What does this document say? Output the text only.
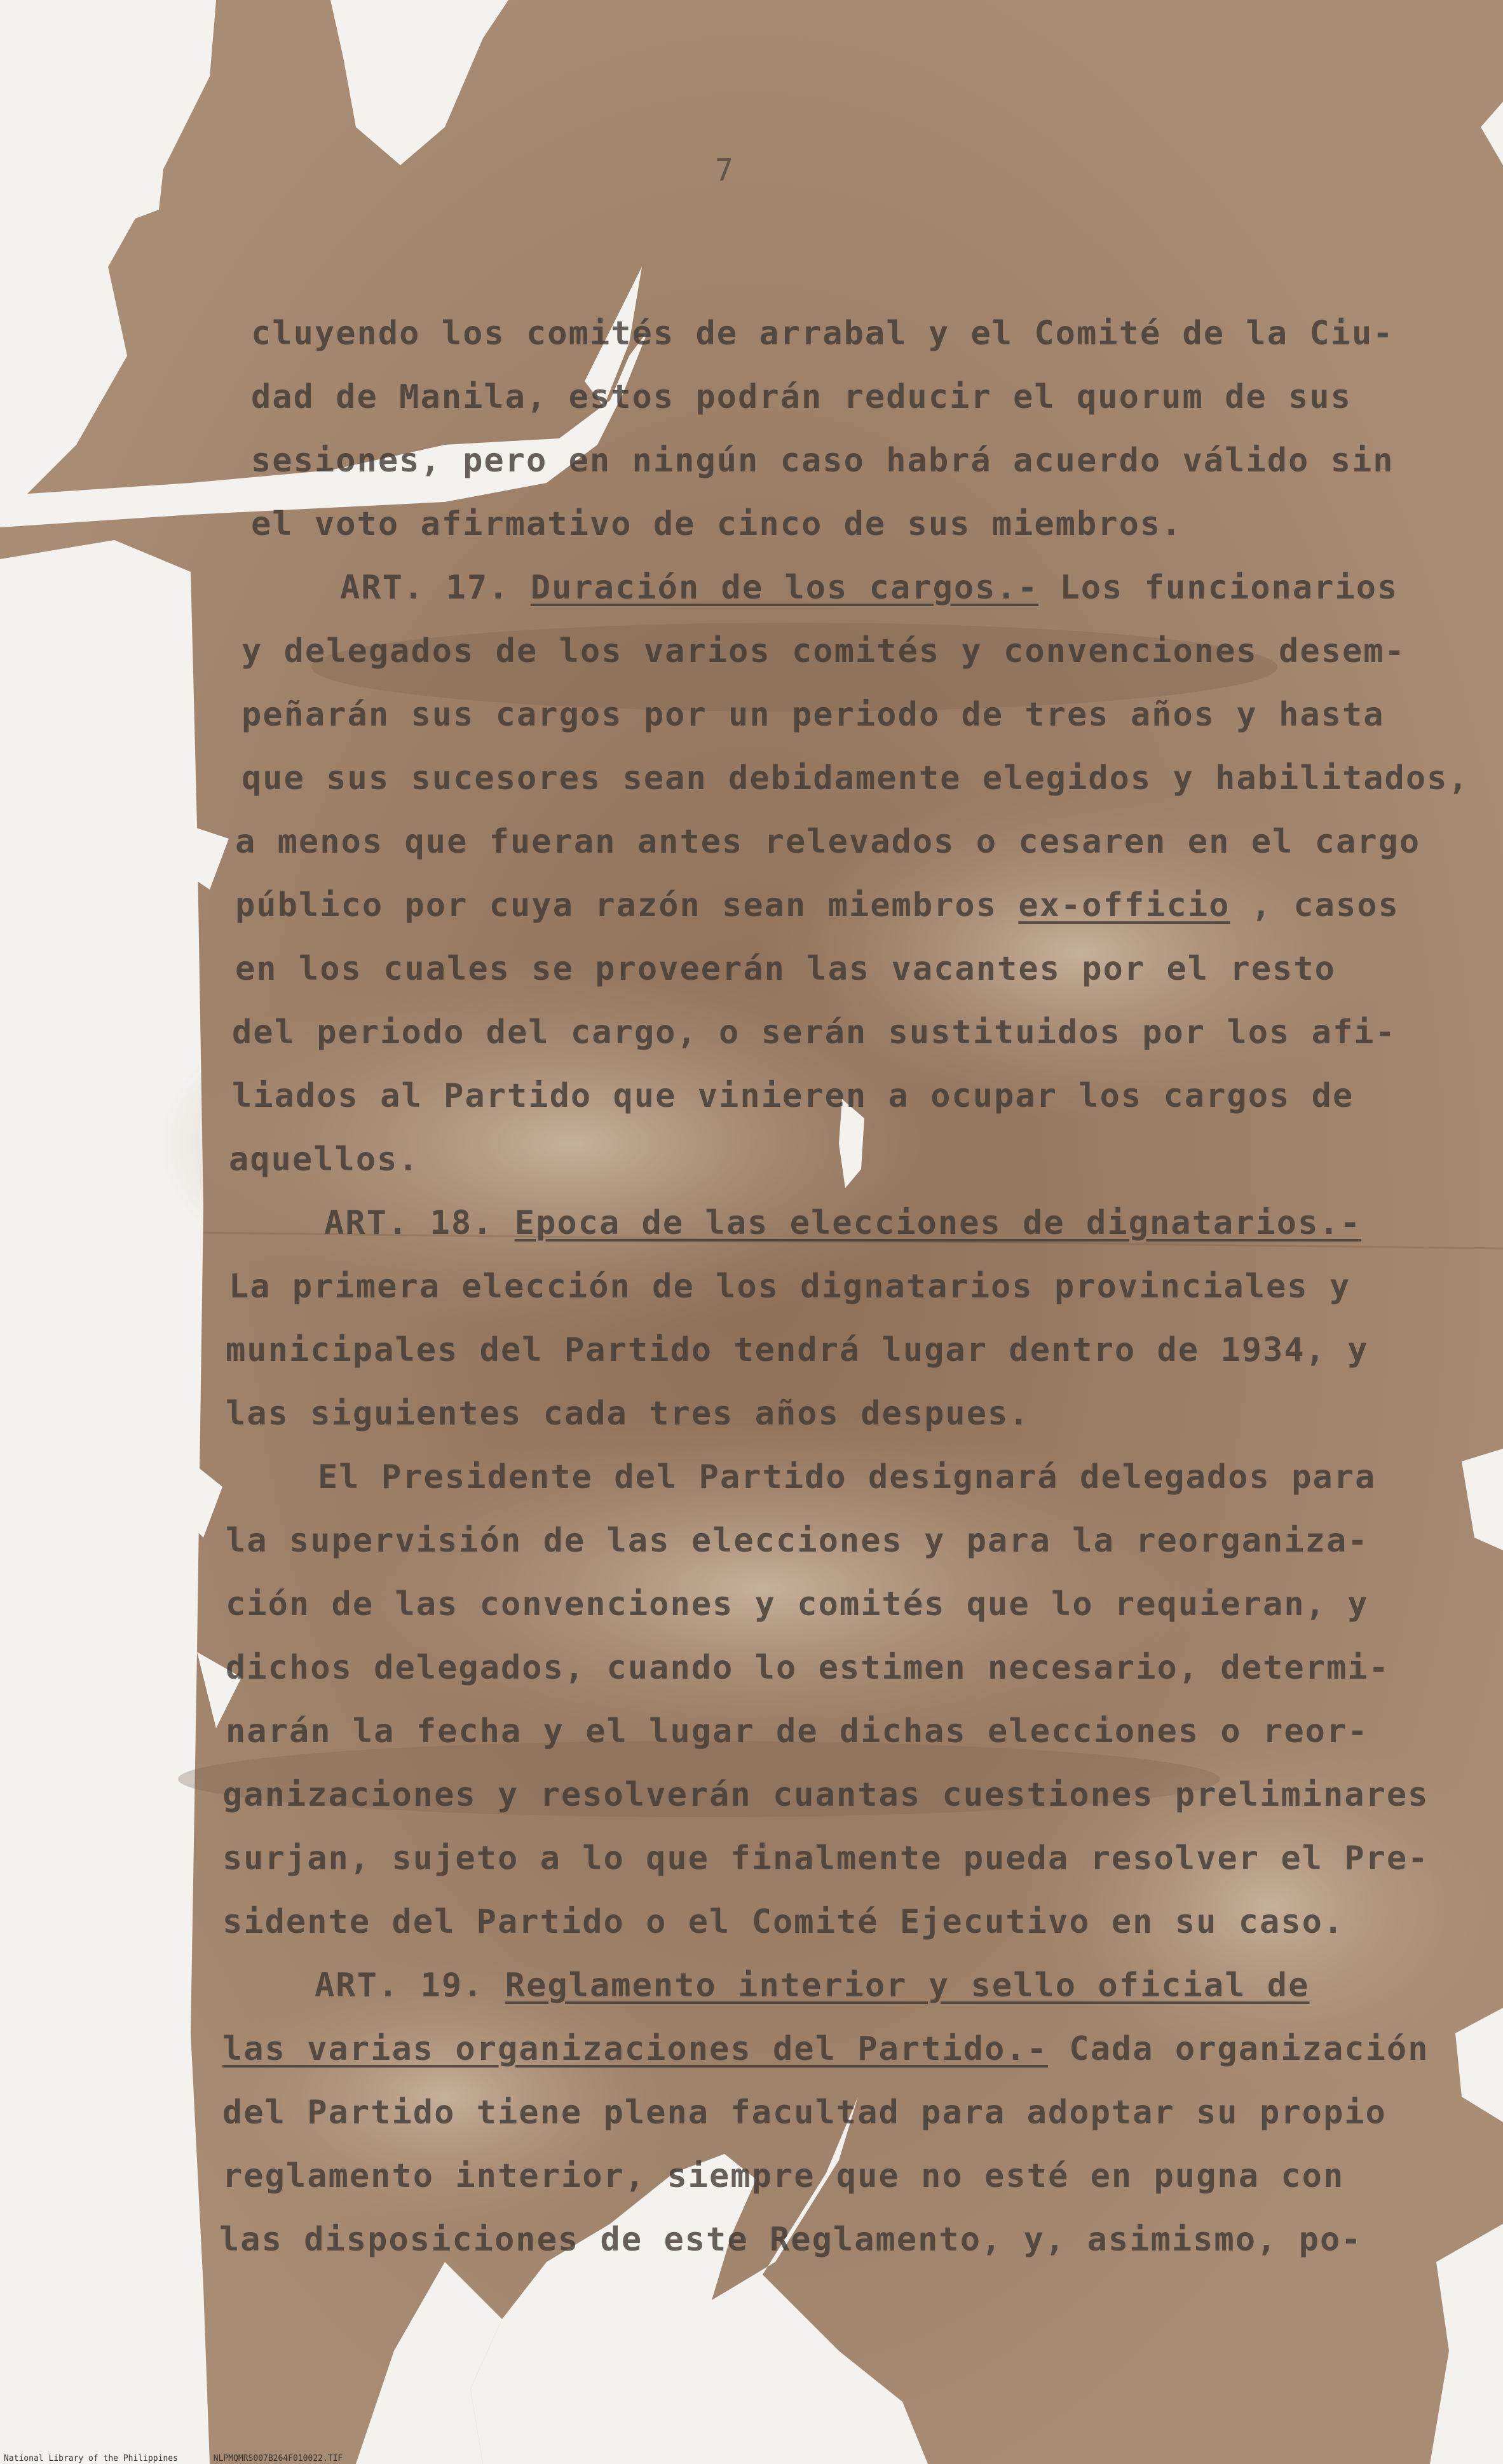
7
cluyendo los comités de arrabal y el Comité de la Ciu-
dad de Manila, estos podrán reducir el quorum de sus
sesiones, pero en ningún caso habrá acuerdo válido sin
el voto afirmativo de cinco de sus miembros.
ART. 17. Duración de los cargos.- Los funcionarios
y delegados de los varios comités y convenciones desem-
peñarán sus cargos por un periodo de tres años y hasta
que sus sucesores sean debidamente elegidos y habilitados,
a menos que fueran antes relevados o cesaren en el cargo
público por cuya razón sean miembros ex-officio , casos
en los cuales se proveerán las vacantes por el resto
del periodo del cargo, o serán sustituidos por los afi-
liados al Partido que vinieren a ocupar los cargos de
aquellos.
ART. 18. Epoca de las elecciones de dignatarios.-
La primera elección de los dignatarios provinciales y
municipales del Partido tendrá lugar dentro de 1934, y
las siguientes cada tres años despues.
El Presidente del Partido designará delegados para
la supervisión de las elecciones y para la reorganiza-
ción de las convenciones y comités que lo requieran, y
dichos delegados, cuando lo estimen necesario, determi-
narán la fecha y el lugar de dichas elecciones o reor-
ganizaciones y resolverán cuantas cuestiones preliminares
surjan, sujeto a lo que finalmente pueda resolver el Pre-
sidente del Partido o el Comité Ejecutivo en su caso.
ART. 19. Reglamento interior y sello oficial de
las varias organizaciones del Partido.- Cada organización
del Partido tiene plena facultad para adoptar su propio
reglamento interior, siempre que no esté en pugna con
las disposiciones de este Reglamento, y, asimismo, po-
National Library of the Philippines	NLPMQMRS007B264F010022.TIF
